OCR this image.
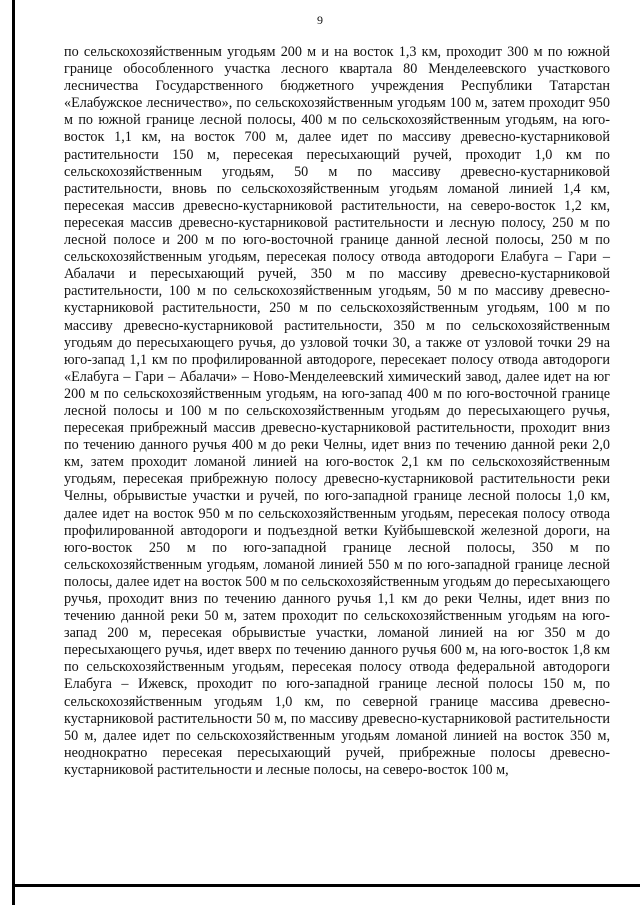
9

по сельскохозяйственным угодьям 200 м и на восток 1,3 км, проходит 300 м по южной границе обособленного участка лесного квартала 80 Менделеевского участкового лесничества Государственного бюджетного учреждения Республики Татарстан «Елабужское лесничество», по сельскохозяйственным угодьям 100 м, затем проходит 950 м по южной границе лесной полосы, 400 м по сельскохозяйственным угодьям, на юго-восток 1,1 км, на восток 700 м, далее идет по массиву древесно-кустарниковой растительности 150 м, пересекая пересыхающий ручей, проходит 1,0 км по сельскохозяйственным угодьям, 50 м по массиву древесно-кустарниковой растительности, вновь по сельскохозяйственным угодьям ломаной линией 1,4 км, пересекая массив древесно-кустарниковой растительности, на северо-восток 1,2 км, пересекая массив древесно-кустарниковой растительности и лесную полосу, 250 м по лесной полосе и 200 м по юго-восточной границе данной лесной полосы, 250 м по сельскохозяйственным угодьям, пересекая полосу отвода автодороги Елабуга – Гари – Абалачи и пересыхающий ручей, 350 м по массиву древесно-кустарниковой растительности, 100 м по сельскохозяйственным угодьям, 50 м по массиву древесно-кустарниковой растительности, 250 м по сельскохозяйственным угодьям, 100 м по массиву древесно-кустарниковой растительности, 350 м по сельскохозяйственным угодьям до пересыхающего ручья, до узловой точки 30, а также от узловой точки 29 на юго-запад 1,1 км по профилированной автодороге, пересекает полосу отвода автодороги «Елабуга – Гари – Абалачи» – Ново-Менделеевский химический завод, далее идет на юг 200 м по сельскохозяйственным угодьям, на юго-запад 400 м по юго-восточной границе лесной полосы и 100 м по сельскохозяйственным угодьям до пересыхающего ручья, пересекая прибрежный массив древесно-кустарниковой растительности, проходит вниз по течению данного ручья 400 м до реки Челны, идет вниз по течению данной реки 2,0 км, затем проходит ломаной линией на юго-восток 2,1 км по сельскохозяйственным угодьям, пересекая прибрежную полосу древесно-кустарниковой растительности реки Челны, обрывистые участки и ручей, по юго-западной границе лесной полосы 1,0 км, далее идет на восток 950 м по сельскохозяйственным угодьям, пересекая полосу отвода профилированной автодороги и подъездной ветки Куйбышевской железной дороги, на юго-восток 250 м по юго-западной границе лесной полосы, 350 м по сельскохозяйственным угодьям, ломаной линией 550 м по юго-западной границе лесной полосы, далее идет на восток 500 м по сельскохозяйственным угодьям до пересыхающего ручья, проходит вниз по течению данного ручья 1,1 км до реки Челны, идет вниз по течению данной реки 50 м, затем проходит по сельскохозяйственным угодьям на юго-запад 200 м, пересекая обрывистые участки, ломаной линией на юг 350 м до пересыхающего ручья, идет вверх по течению данного ручья 600 м, на юго-восток 1,8 км по сельскохозяйственным угодьям, пересекая полосу отвода федеральной автодороги Елабуга – Ижевск, проходит по юго-западной границе лесной полосы 150 м, по сельскохозяйственным угодьям 1,0 км, по северной границе массива древесно-кустарниковой растительности 50 м, по массиву древесно-кустарниковой растительности 50 м, далее идет по сельскохозяйственным угодьям ломаной линией на восток 350 м, неоднократно пересекая пересыхающий ручей, прибрежные полосы древесно-кустарниковой растительности и лесные полосы, на северо-восток 100 м,
